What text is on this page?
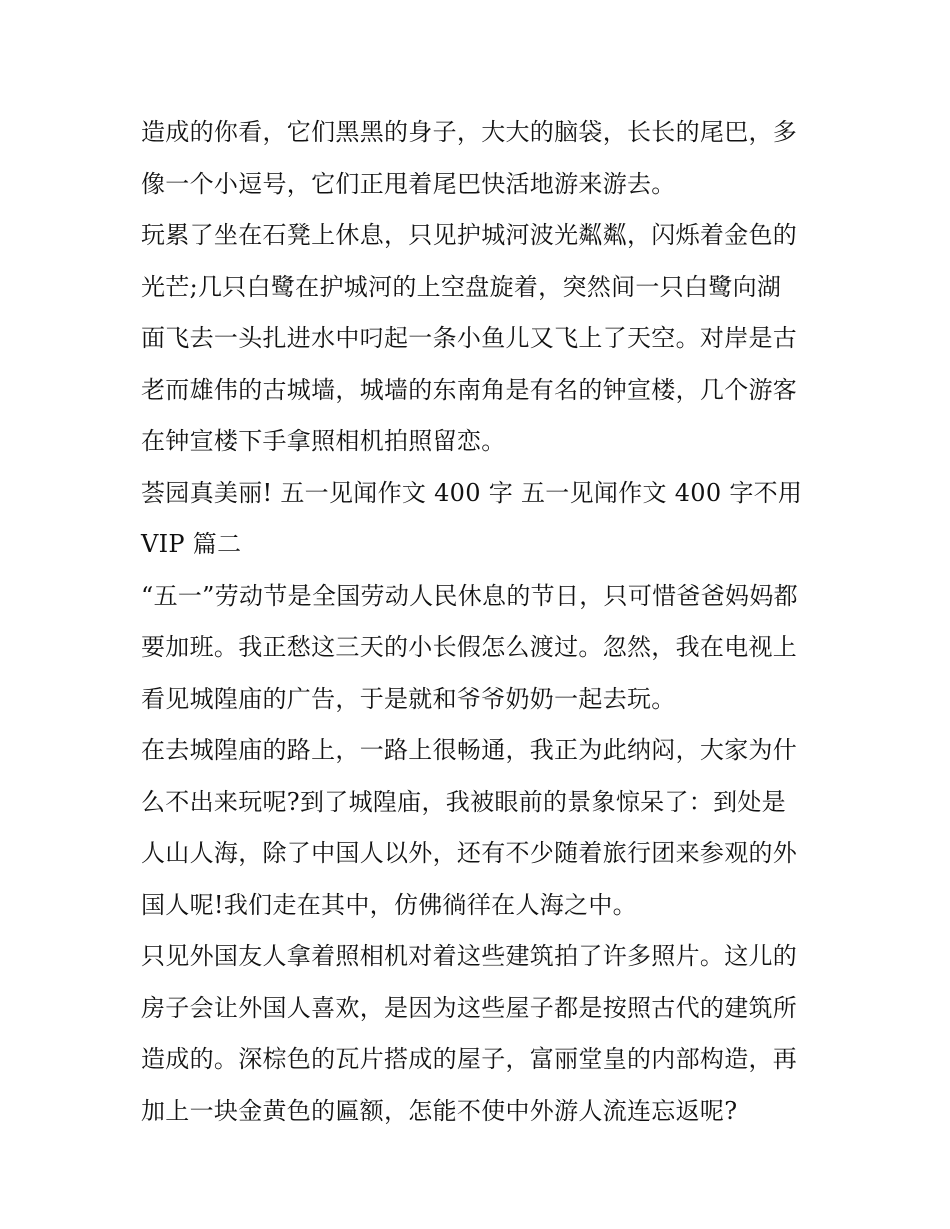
造成的你看，它们黑黑的身子，大大的脑袋，长长的尾巴，多
像一个小逗号，它们正甩着尾巴快活地游来游去。
玩累了坐在石凳上休息，只见护城河波光粼粼，闪烁着金色的
光芒;几只白鹭在护城河的上空盘旋着，突然间一只白鹭向湖
面飞去一头扎进水中叼起一条小鱼儿又飞上了天空。对岸是古
老而雄伟的古城墙，城墙的东南角是有名的钟宣楼，几个游客
在钟宣楼下手拿照相机拍照留恋。
荟园真美丽! 五一见闻作文 400 字 五一见闻作文 400 字不用
VIP 篇二
“五一”劳动节是全国劳动人民休息的节日，只可惜爸爸妈妈都
要加班。我正愁这三天的小长假怎么渡过。忽然，我在电视上
看见城隍庙的广告，于是就和爷爷奶奶一起去玩。
在去城隍庙的路上，一路上很畅通，我正为此纳闷，大家为什
么不出来玩呢?到了城隍庙，我被眼前的景象惊呆了：到处是
人山人海，除了中国人以外，还有不少随着旅行团来参观的外
国人呢!我们走在其中，仿佛徜徉在人海之中。
只见外国友人拿着照相机对着这些建筑拍了许多照片。这儿的
房子会让外国人喜欢，是因为这些屋子都是按照古代的建筑所
造成的。深棕色的瓦片搭成的屋子，富丽堂皇的内部构造，再
加上一块金黄色的匾额，怎能不使中外游人流连忘返呢?
